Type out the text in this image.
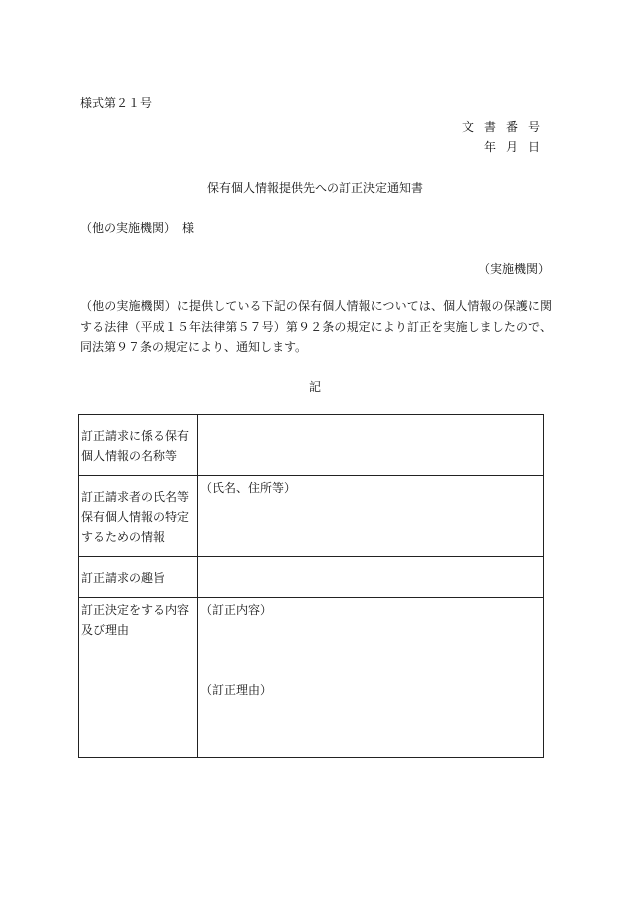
様式第２１号
文書番号
年月日
保有個人情報提供先への訂正決定通知書
（他の実施機関）　様
（実施機関）
（他の実施機関）に提供している下記の保有個人情報については、個人情報の保護に関する法律（平成１５年法律第５７号）第９２条の規定により訂正を実施しましたので、同法第９７条の規定により、通知します。
記
訂正請求に係る保有個人情報の名称等	
訂正請求者の氏名等保有個人情報の特定するための情報	（氏名、住所等）
訂正請求の趣旨	
訂正決定をする内容及び理由	（訂正内容）
（訂正理由）
